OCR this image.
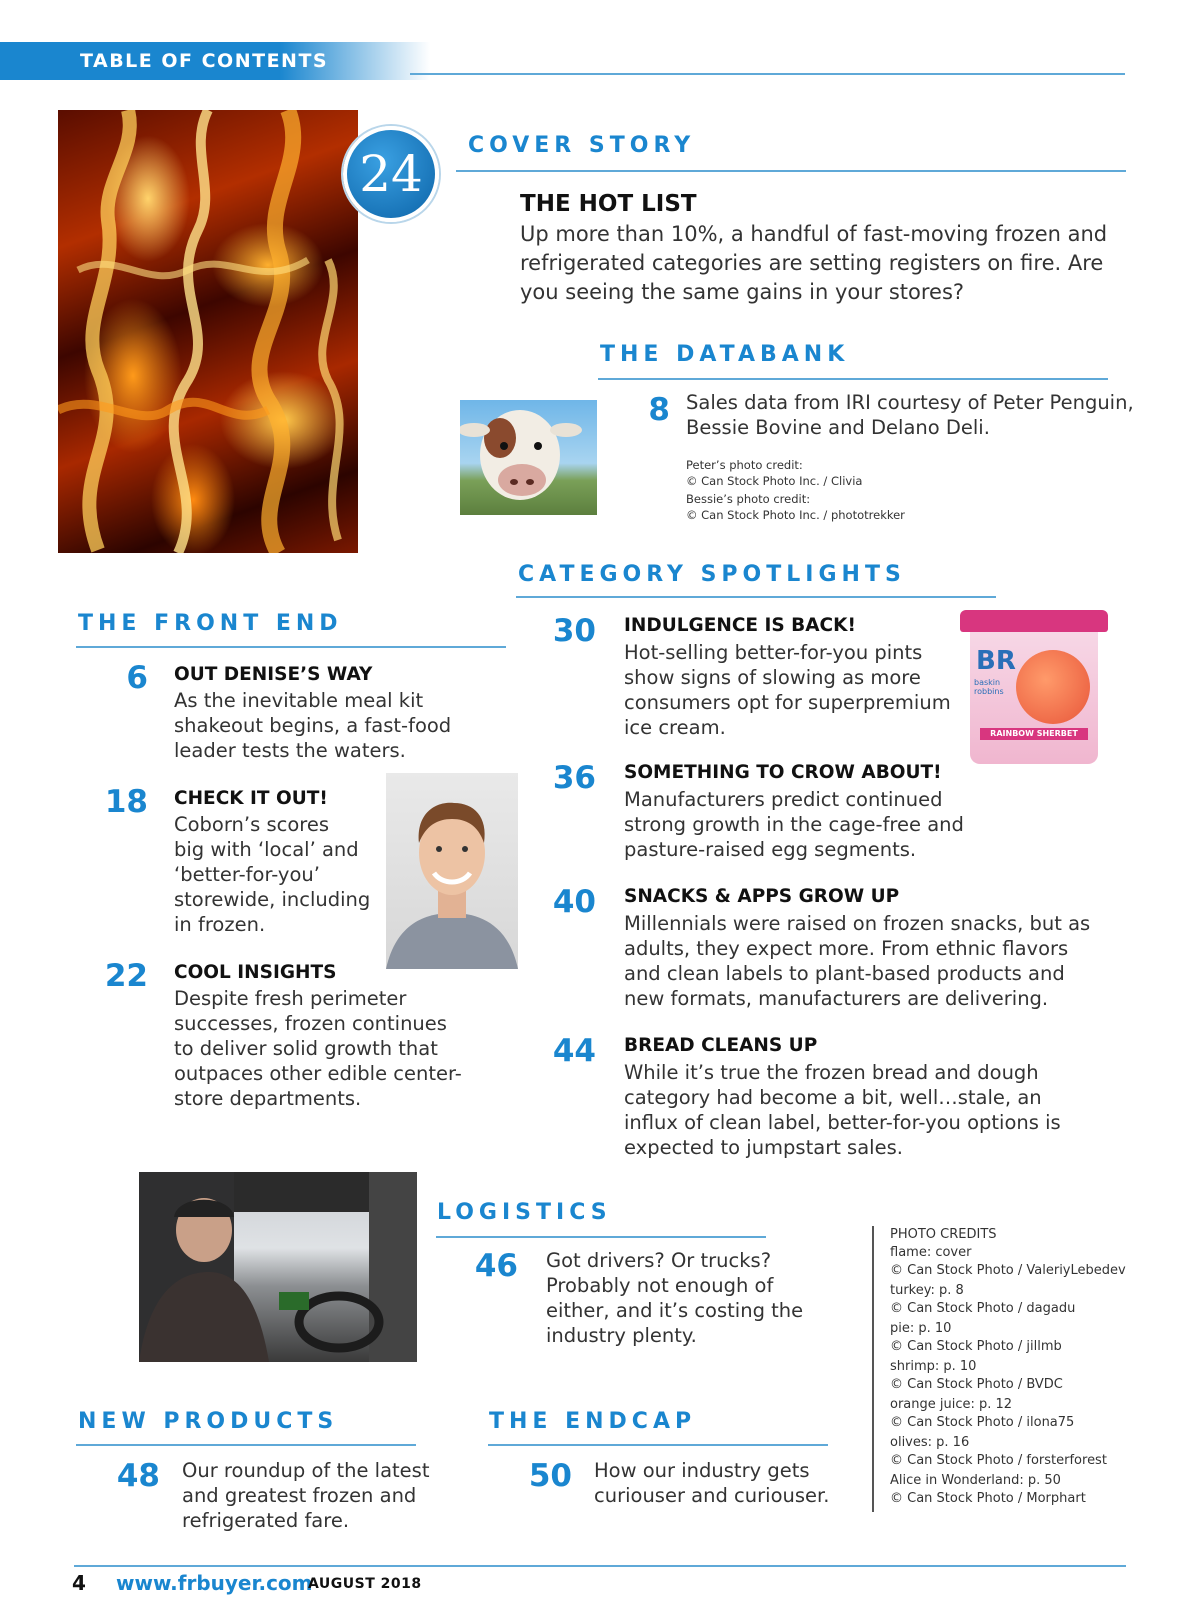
TABLE OF CONTENTS
24	COVER STORY
THE HOT LIST
Up more than 10%, a handful of fast-moving frozen and
refrigerated categories are setting registers on fire. Are
you seeing the same gains in your stores?
THE DATABANK
8 Sales data from IRI courtesy of Peter Penguin,
Bessie Bovine and Delano Deli.
Peter’s photo credit:
© Can Stock Photo Inc. / Clivia
Bessie’s photo credit:
© Can Stock Photo Inc. / phototrekker
CATEGORY SPOTLIGHTS
THE FRONT END
6 OUT DENISE’S WAY
As the inevitable meal kit
shakeout begins, a fast-food
leader tests the waters.
18 CHECK IT OUT!
Coborn’s scores
big with ‘local’ and
‘better-for-you’
storewide, including
in frozen.
22 COOL INSIGHTS
Despite fresh perimeter
successes, frozen continues
to deliver solid growth that
outpaces other edible center-
store departments.
30 INDULGENCE IS BACK!
Hot-selling better-for-you pints
show signs of slowing as more
consumers opt for superpremium
ice cream.
BR
baskin robbins
RAINBOW SHERBET
36 SOMETHING TO CROW ABOUT!
Manufacturers predict continued
strong growth in the cage-free and
pasture-raised egg segments.
40 SNACKS & APPS GROW UP
Millennials were raised on frozen snacks, but as
adults, they expect more. From ethnic flavors
and clean labels to plant-based products and
new formats, manufacturers are delivering.
44 BREAD CLEANS UP
While it’s true the frozen bread and dough
category had become a bit, well…stale, an
influx of clean label, better-for-you options is
expected to jumpstart sales.
LOGISTICS
46 Got drivers? Or trucks?
Probably not enough of
either, and it’s costing the
industry plenty.
PHOTO CREDITS
flame: cover
© Can Stock Photo / ValeriyLebedev
turkey: p. 8
© Can Stock Photo / dagadu
pie: p. 10
© Can Stock Photo / jillmb
shrimp: p. 10
© Can Stock Photo / BVDC
orange juice: p. 12
© Can Stock Photo / ilona75
olives: p. 16
© Can Stock Photo / forsterforest
Alice in Wonderland: p. 50
© Can Stock Photo / Morphart
NEW PRODUCTS
48 Our roundup of the latest
and greatest frozen and
refrigerated fare.
THE ENDCAP
50 How our industry gets
curiouser and curiouser.
4 www.frbuyer.com
AUGUST 2018
